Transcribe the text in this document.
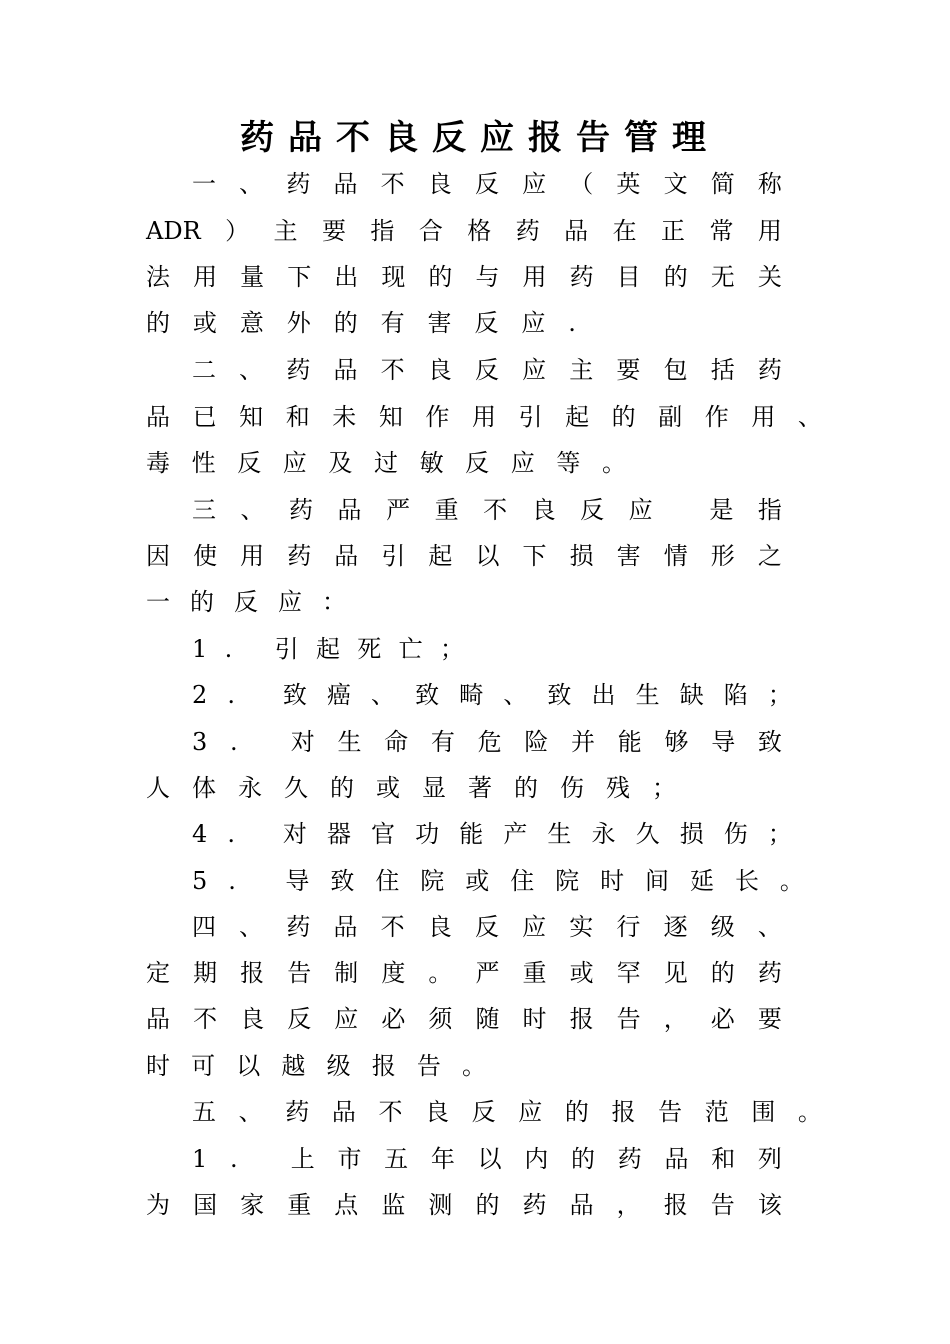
药品不良反应报告管理
一 、 药 品 不 良 反 应 （ 英 文 简 称
ADR ） 主 要 指 合 格 药 品 在 正 常 用
法 用 量 下 出 现 的 与 用 药 目 的 无 关
的 或 意 外 的 有 害 反 应 .
二 、 药 品 不 良 反 应 主 要 包 括 药
品 已 知 和 未 知 作 用 引 起 的 副 作 用 、
毒 性 反 应 及 过 敏 反 应 等 。
三 、 药 品 严 重 不 良 反 应
是 指
因 使 用 药 品 引 起 以 下 损 害 情 形 之
一 的 反 应 ：
1 .
引 起 死 亡 ；
2 .
致 癌 、 致 畸 、 致 出 生 缺 陷 ；
3 .
对 生 命 有 危 险 并 能 够 导 致
人 体 永 久 的 或 显 著 的 伤 残 ；
4 .
对 器 官 功 能 产 生 永 久 损 伤 ；
5 .
导 致 住 院 或 住 院 时 间 延 长 。
四 、 药 品 不 良 反 应 实 行 逐 级 、
定 期 报 告 制 度 。 严 重 或 罕 见 的 药
品 不 良 反 应 必 须 随 时 报 告 ， 必 要
时 可 以 越 级 报 告 。
五 、 药 品 不 良 反 应 的 报 告 范 围 。
1 .
上 市 五 年 以 内 的 药 品 和 列
为 国 家 重 点 监 测 的 药 品 ， 报 告 该
